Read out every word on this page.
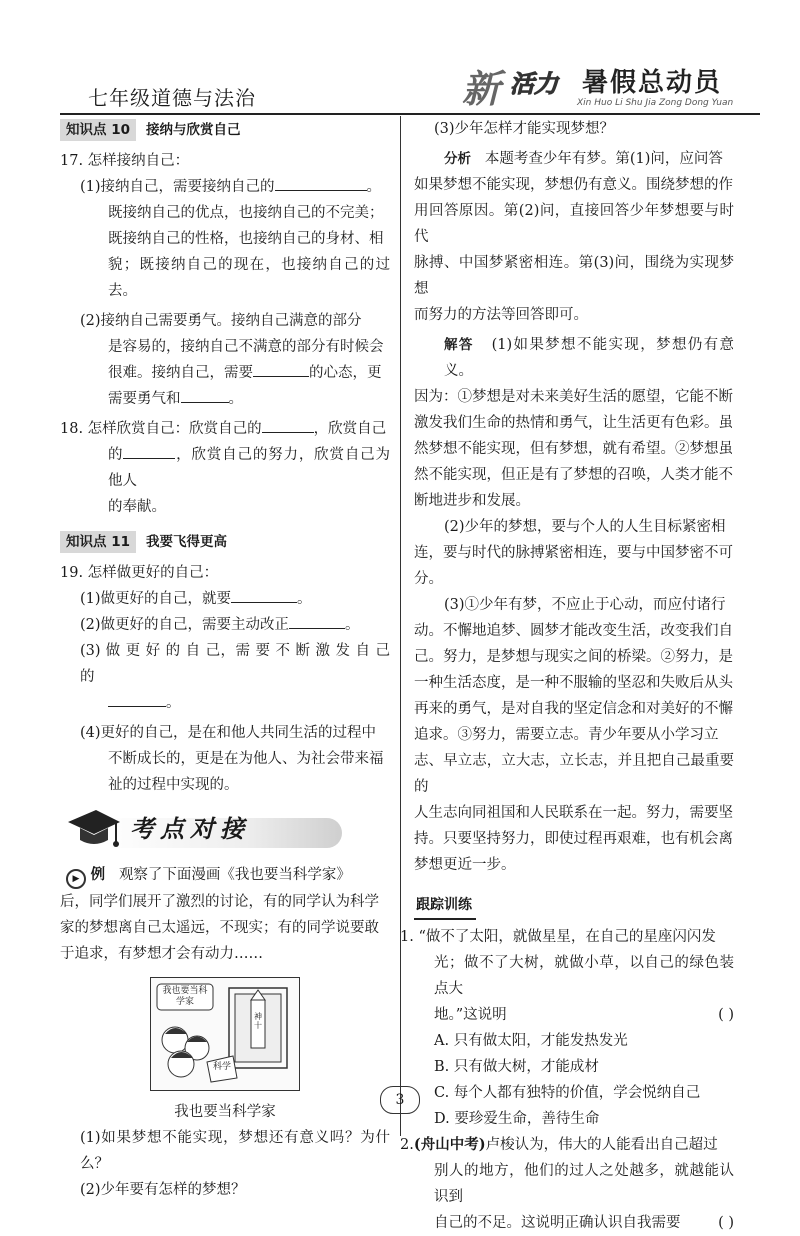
七年级道德与法治	新 活力 暑假总动员
Xin Huo Li Shu Jia Zong Dong Yuan
知识点 10	接纳与欣赏自己

17. 怎样接纳自己：

(1)接纳自己，需要接纳自己的	。

既接纳自己的优点，也接纳自己的不完美；

既接纳自己的性格，也接纳自己的身材、相

貌；既接纳自己的现在，也接纳自己的过去。

(2)接纳自己需要勇气。接纳自己满意的部分

是容易的，接纳自己不满意的部分有时候会

很难。接纳自己，需要	的心态，更

需要勇气和	。

18. 怎样欣赏自己：欣赏自己的	，欣赏自己

的	，欣赏自己的努力，欣赏自己为他人

的奉献。

知识点 11	我要飞得更高

19. 怎样做更好的自己：

(1)做更好的自己，就要	。

(2)做更好的自己，需要主动改正	。

(3) 做 更 好 的 自 己，需 要 不 断 激 发 自 己 的

。

(4)更好的自己，是在和他人共同生活的过程中

不断成长的，更是在为他人、为社会带来福

祉的过程中实现的。

考点对接

▶ 例 观察了下面漫画《我也要当科学家》

后，同学们展开了激烈的讨论，有的同学认为科学

家的梦想离自己太遥远，不现实；有的同学说要敢

于追求，有梦想才会有动力……

我也要当科学家
神十
科学

我也要当科学家

(1)如果梦想不能实现，梦想还有意义吗？为什么？

(2)少年要有怎样的梦想？

(3)少年怎样才能实现梦想？

分析 本题考查少年有梦。第(1)问，应问答

如果梦想不能实现，梦想仍有意义。围绕梦想的作

用回答原因。第(2)问，直接回答少年梦想要与时代

脉搏、中国梦紧密相连。第(3)问，围绕为实现梦想

而努力的方法等回答即可。

解答 (1)如果梦想不能实现，梦想仍有意义。

因为：①梦想是对未来美好生活的愿望，它能不断

激发我们生命的热情和勇气，让生活更有色彩。虽

然梦想不能实现，但有梦想，就有希望。②梦想虽

然不能实现，但正是有了梦想的召唤，人类才能不

断地进步和发展。

(2)少年的梦想，要与个人的人生目标紧密相

连，要与时代的脉搏紧密相连，要与中国梦密不可

分。

(3)①少年有梦，不应止于心动，而应付诸行

动。不懈地追梦、圆梦才能改变生活，改变我们自

己。努力，是梦想与现实之间的桥梁。②努力，是

一种生活态度，是一种不服输的坚忍和失败后从头

再来的勇气，是对自我的坚定信念和对美好的不懈

追求。③努力，需要立志。青少年要从小学习立

志、早立志，立大志，立长志，并且把自己最重要的

人生志向同祖国和人民联系在一起。努力，需要坚

持。只要坚持努力，即使过程再艰难，也有机会离

梦想更近一步。

跟踪训练

1. “做不了太阳，就做星星，在自己的星座闪闪发

光；做不了大树，就做小草，以自己的绿色装点大

地。”这说明	( )

A. 只有做太阳，才能发热发光

B. 只有做大树，才能成材

C. 每个人都有独特的价值，学会悦纳自己

D. 要珍爱生命，善待生命

2.(舟山中考)卢梭认为，伟大的人能看出自己超过

别人的地方，他们的过人之处越多，就越能认识到

自己的不足。这说明正确认识自我需要	( )

3
